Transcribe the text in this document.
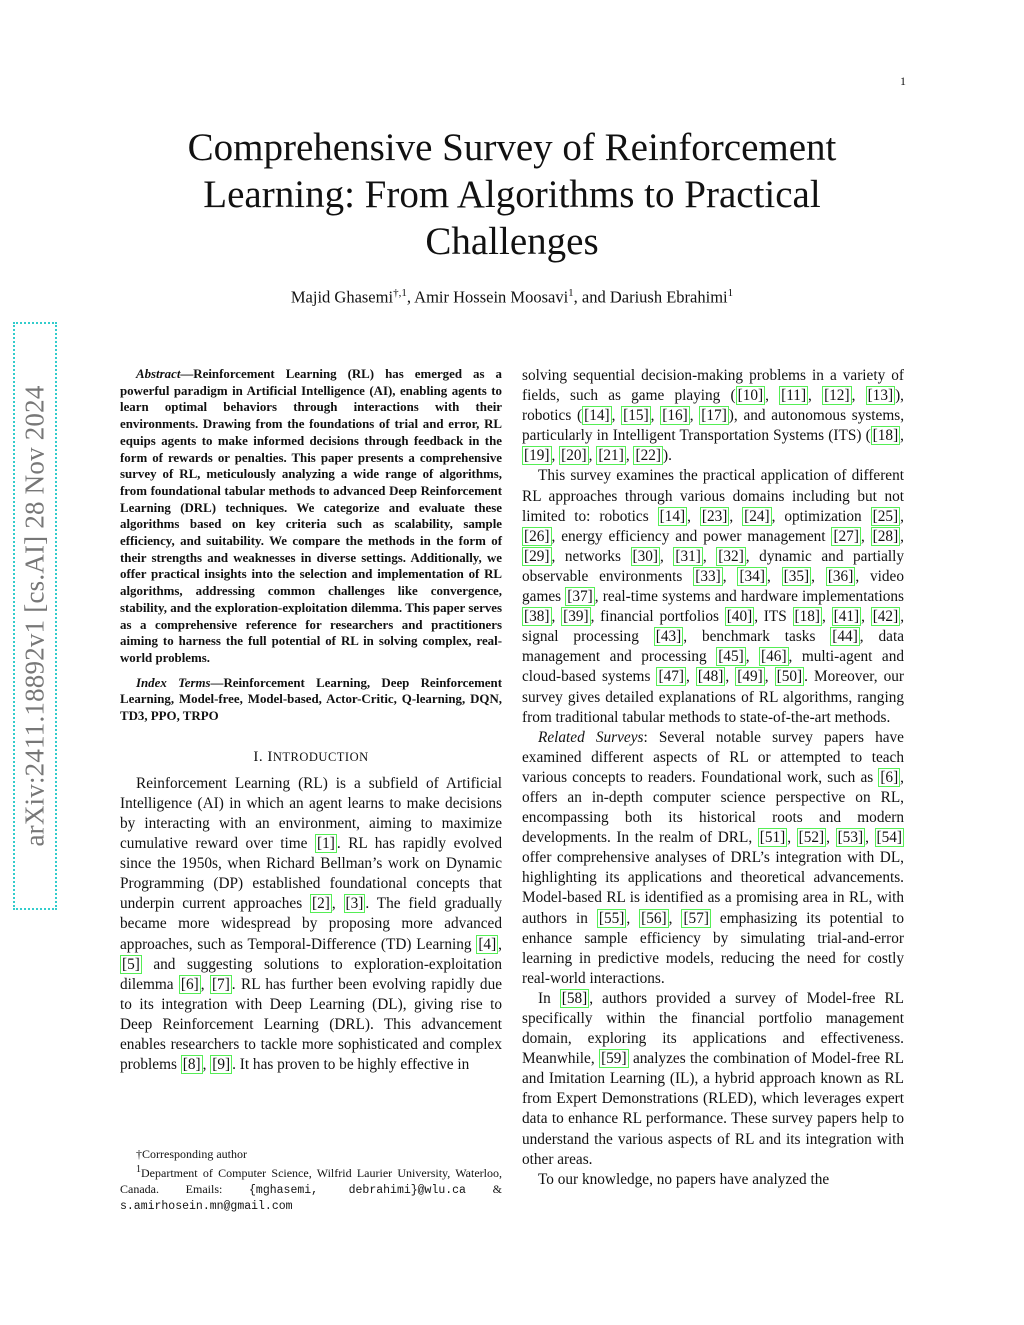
1
arXiv:2411.18892v1 [cs.AI] 28 Nov 2024
Comprehensive Survey of Reinforcement Learning: From Algorithms to Practical Challenges
Majid Ghasemi$^{\dagger,1}$, Amir Hossein Moosavi$^1$, and Dariush Ebrahimi$^1$

Abstract—Reinforcement Learning (RL) has emerged as a powerful paradigm in Artificial Intelligence (AI), enabling agents to learn optimal behaviors through interactions with their environments. Drawing from the foundations of trial and error, RL equips agents to make informed decisions through feedback in the form of rewards or penalties. This paper presents a comprehensive survey of RL, meticulously analyzing a wide range of algorithms, from foundational tabular methods to advanced Deep Reinforcement Learning (DRL) techniques. We categorize and evaluate these algorithms based on key criteria such as scalability, sample efficiency, and suitability. We compare the methods in the form of their strengths and weaknesses in diverse settings. Additionally, we offer practical insights into the selection and implementation of RL algorithms, addressing common challenges like convergence, stability, and the exploration-exploitation dilemma. This paper serves as a comprehensive reference for researchers and practitioners aiming to harness the full potential of RL in solving complex, real-world problems.

Index Terms—Reinforcement Learning, Deep Reinforcement Learning, Model-free, Model-based, Actor-Critic, Q-learning, DQN, TD3, PPO, TRPO

I. INTRODUCTION

Reinforcement Learning (RL) is a subfield of Artificial Intelligence (AI) in which an agent learns to make decisions by interacting with an environment, aiming to maximize cumulative reward over time [1] . RL has rapidly evolved since the 1950s, when Richard Bellman’s work on Dynamic Programming (DP) established foundational concepts that underpin current approaches [2] , [3] . The field gradually became more widespread by proposing more advanced approaches, such as Temporal-Difference (TD) Learning [4] , [5] and suggesting solutions to exploration-exploitation dilemma [6] , [7] . RL has further been evolving rapidly due to its integration with Deep Learning (DL), giving rise to Deep Reinforcement Learning (DRL). This advancement enables researchers to tackle more sophisticated and complex problems [8] , [9] . It has proven to be highly effective in

solving sequential decision-making problems in a variety of fields, such as game playing ( [10] , [11] , [12] , [13] ), robotics ( [14] , [15] , [16] , [17] ), and autonomous systems, particularly in Intelligent Transportation Systems (ITS) ( [18] , [19] , [20] , [21] , [22] ).

This survey examines the practical application of different RL approaches through various domains including but not limited to: robotics [14] , [23] , [24] , optimization [25] , [26] , energy efficiency and power management [27] , [28] , [29] , networks [30] , [31] , [32] , dynamic and partially observable environments [33] , [34] , [35] , [36] , video games [37] , real-time systems and hardware implementations [38] , [39] , financial portfolios [40] , ITS [18] , [41] , [42] , signal processing [43] , benchmark tasks [44] , data management and processing [45] , [46] , multi-agent and cloud-based systems [47] , [48] , [49] , [50] . Moreover, our survey gives detailed explanations of RL algorithms, ranging from traditional tabular methods to state-of-the-art methods.

Related Surveys: Several notable survey papers have examined different aspects of RL or attempted to teach various concepts to readers. Foundational work, such as [6] , offers an in-depth computer science perspective on RL, encompassing both its historical roots and modern developments. In the realm of DRL, [51] , [52] , [53] , [54] offer comprehensive analyses of DRL’s integration with DL, highlighting its applications and theoretical advancements. Model-based RL is identified as a promising area in RL, with authors in [55] , [56] , [57] emphasizing its potential to enhance sample efficiency by simulating trial-and-error learning in predictive models, reducing the need for costly real-world interactions.

In [58] , authors provided a survey of Model-free RL specifically within the financial portfolio management domain, exploring its applications and effectiveness. Meanwhile, [59] analyzes the combination of Model-free RL and Imitation Learning (IL), a hybrid approach known as RL from Expert Demonstrations (RLED), which leverages expert data to enhance RL performance. These survey papers help to understand the various aspects of RL and its integration with other areas.

To our knowledge, no papers have analyzed the

†Corresponding author

$^1$Department of Computer Science, Wilfrid Laurier University, Waterloo, Canada. Emails: {mghasemi, debrahimi}@wlu.ca & s.amirhosein.mn@gmail.com
